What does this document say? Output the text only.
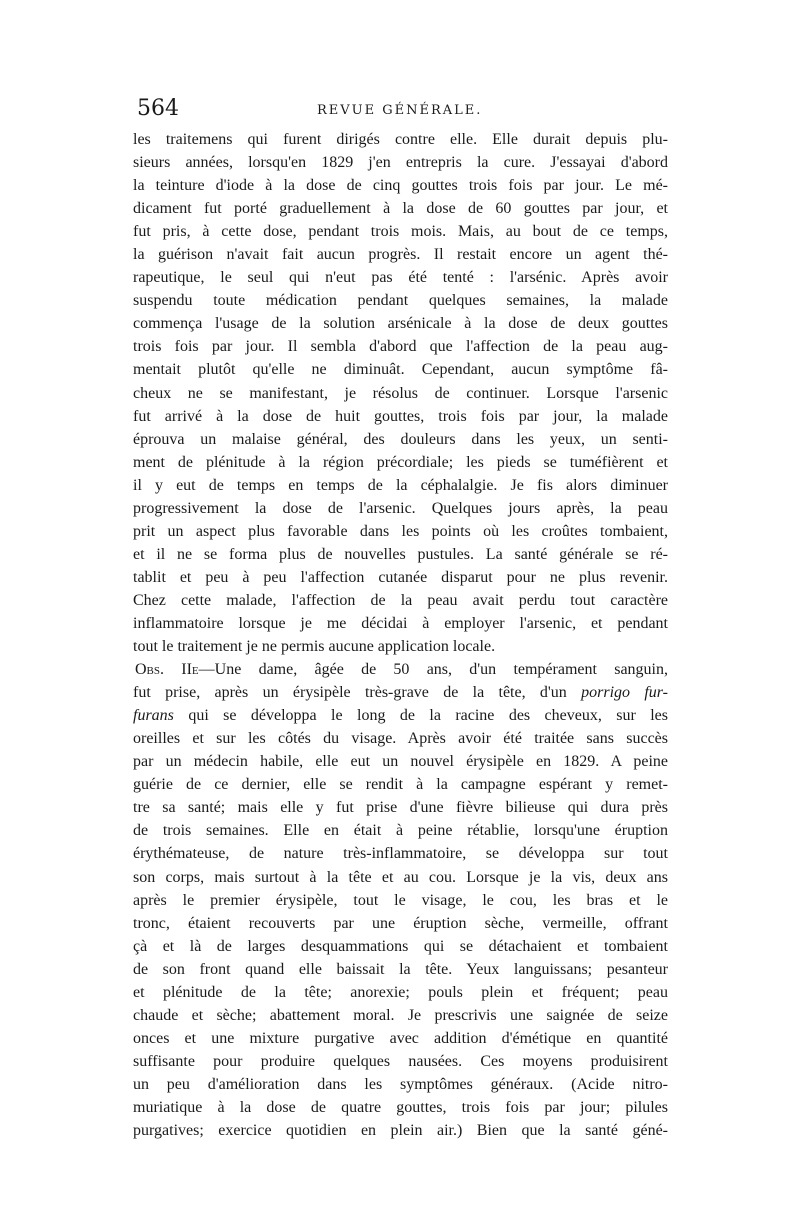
564	REVUE GÉNÉRALE.
les traitemens qui furent dirigés contre elle. Elle durait depuis plu-
sieurs années, lorsqu'en 1829 j'en entrepris la cure. J'essayai d'abord
la teinture d'iode à la dose de cinq gouttes trois fois par jour. Le mé-
dicament fut porté graduellement à la dose de 60 gouttes par jour, et
fut pris, à cette dose, pendant trois mois. Mais, au bout de ce temps,
la guérison n'avait fait aucun progrès. Il restait encore un agent thé-
rapeutique, le seul qui n'eut pas été tenté : l'arsénic. Après avoir
suspendu toute médication pendant quelques semaines, la malade
commença l'usage de la solution arsénicale à la dose de deux gouttes
trois fois par jour. Il sembla d'abord que l'affection de la peau aug-
mentait plutôt qu'elle ne diminuât. Cependant, aucun symptôme fâ-
cheux ne se manifestant, je résolus de continuer. Lorsque l'arsenic
fut arrivé à la dose de huit gouttes, trois fois par jour, la malade
éprouva un malaise général, des douleurs dans les yeux, un senti-
ment de plénitude à la région précordiale; les pieds se tuméfièrent et
il y eut de temps en temps de la céphalalgie. Je fis alors diminuer
progressivement la dose de l'arsenic. Quelques jours après, la peau
prit un aspect plus favorable dans les points où les croûtes tombaient,
et il ne se forma plus de nouvelles pustules. La santé générale se ré-
tablit et peu à peu l'affection cutanée disparut pour ne plus revenir.
Chez cette malade, l'affection de la peau avait perdu tout caractère
inflammatoire lorsque je me décidai à employer l'arsenic, et pendant
tout le traitement je ne permis aucune application locale.
Obs. IIe—Une dame, âgée de 50 ans, d'un tempérament sanguin,
fut prise, après un érysipèle très-grave de la tête, d'un porrigo fur-
furans qui se développa le long de la racine des cheveux, sur les
oreilles et sur les côtés du visage. Après avoir été traitée sans succès
par un médecin habile, elle eut un nouvel érysipèle en 1829. A peine
guérie de ce dernier, elle se rendit à la campagne espérant y remet-
tre sa santé; mais elle y fut prise d'une fièvre bilieuse qui dura près
de trois semaines. Elle en était à peine rétablie, lorsqu'une éruption
érythémateuse, de nature très-inflammatoire, se développa sur tout
son corps, mais surtout à la tête et au cou. Lorsque je la vis, deux ans
après le premier érysipèle, tout le visage, le cou, les bras et le
tronc, étaient recouverts par une éruption sèche, vermeille, offrant
çà et là de larges desquammations qui se détachaient et tombaient
de son front quand elle baissait la tête. Yeux languissans; pesanteur
et plénitude de la tête; anorexie; pouls plein et fréquent; peau
chaude et sèche; abattement moral. Je prescrivis une saignée de seize
onces et une mixture purgative avec addition d'émétique en quantité
suffisante pour produire quelques nausées. Ces moyens produisirent
un peu d'amélioration dans les symptômes généraux. (Acide nitro-
muriatique à la dose de quatre gouttes, trois fois par jour; pilules
purgatives; exercice quotidien en plein air.) Bien que la santé géné-
